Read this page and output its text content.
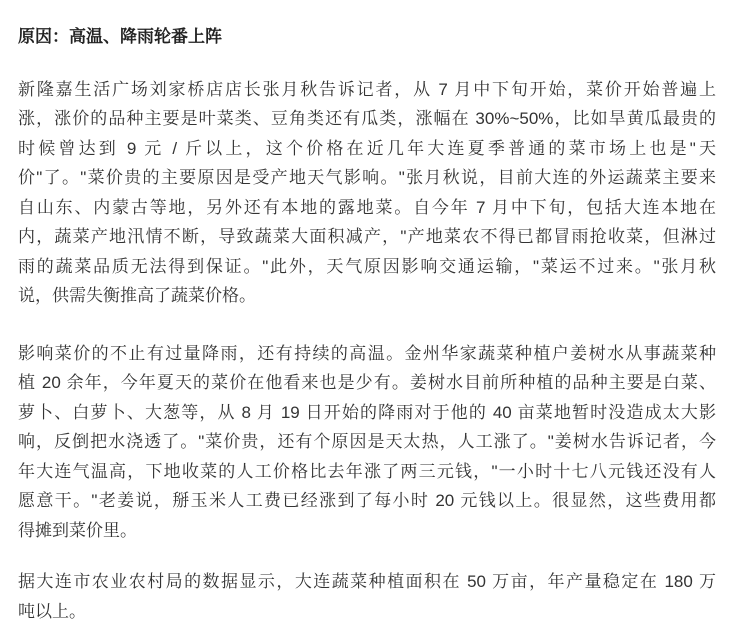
原因：高温、降雨轮番上阵
新隆嘉生活广场刘家桥店店长张月秋告诉记者，从 7 月中下旬开始，菜价开始普遍上
涨，涨价的品种主要是叶菜类、豆角类还有瓜类，涨幅在 30%~50%，比如旱黄瓜最贵的
时候曾达到 9 元 / 斤以上，这个价格在近几年大连夏季普通的菜市场上也是"天
价"了。"菜价贵的主要原因是受产地天气影响。"张月秋说，目前大连的外运蔬菜主要来
自山东、内蒙古等地，另外还有本地的露地菜。自今年 7 月中下旬，包括大连本地在
内，蔬菜产地汛情不断，导致蔬菜大面积减产，"产地菜农不得已都冒雨抢收菜，但淋过
雨的蔬菜品质无法得到保证。"此外，天气原因影响交通运输，"菜运不过来。"张月秋
说，供需失衡推高了蔬菜价格。
影响菜价的不止有过量降雨，还有持续的高温。金州华家蔬菜种植户姜树水从事蔬菜种
植 20 余年，今年夏天的菜价在他看来也是少有。姜树水目前所种植的品种主要是白菜、
萝卜、白萝卜、大葱等，从 8 月 19 日开始的降雨对于他的 40 亩菜地暂时没造成太大影
响，反倒把水浇透了。"菜价贵，还有个原因是天太热，人工涨了。"姜树水告诉记者，今
年大连气温高，下地收菜的人工价格比去年涨了两三元钱，"一小时十七八元钱还没有人
愿意干。"老姜说，掰玉米人工费已经涨到了每小时 20 元钱以上。很显然，这些费用都
得摊到菜价里。
据大连市农业农村局的数据显示，大连蔬菜种植面积在 50 万亩，年产量稳定在 180 万
吨以上。
